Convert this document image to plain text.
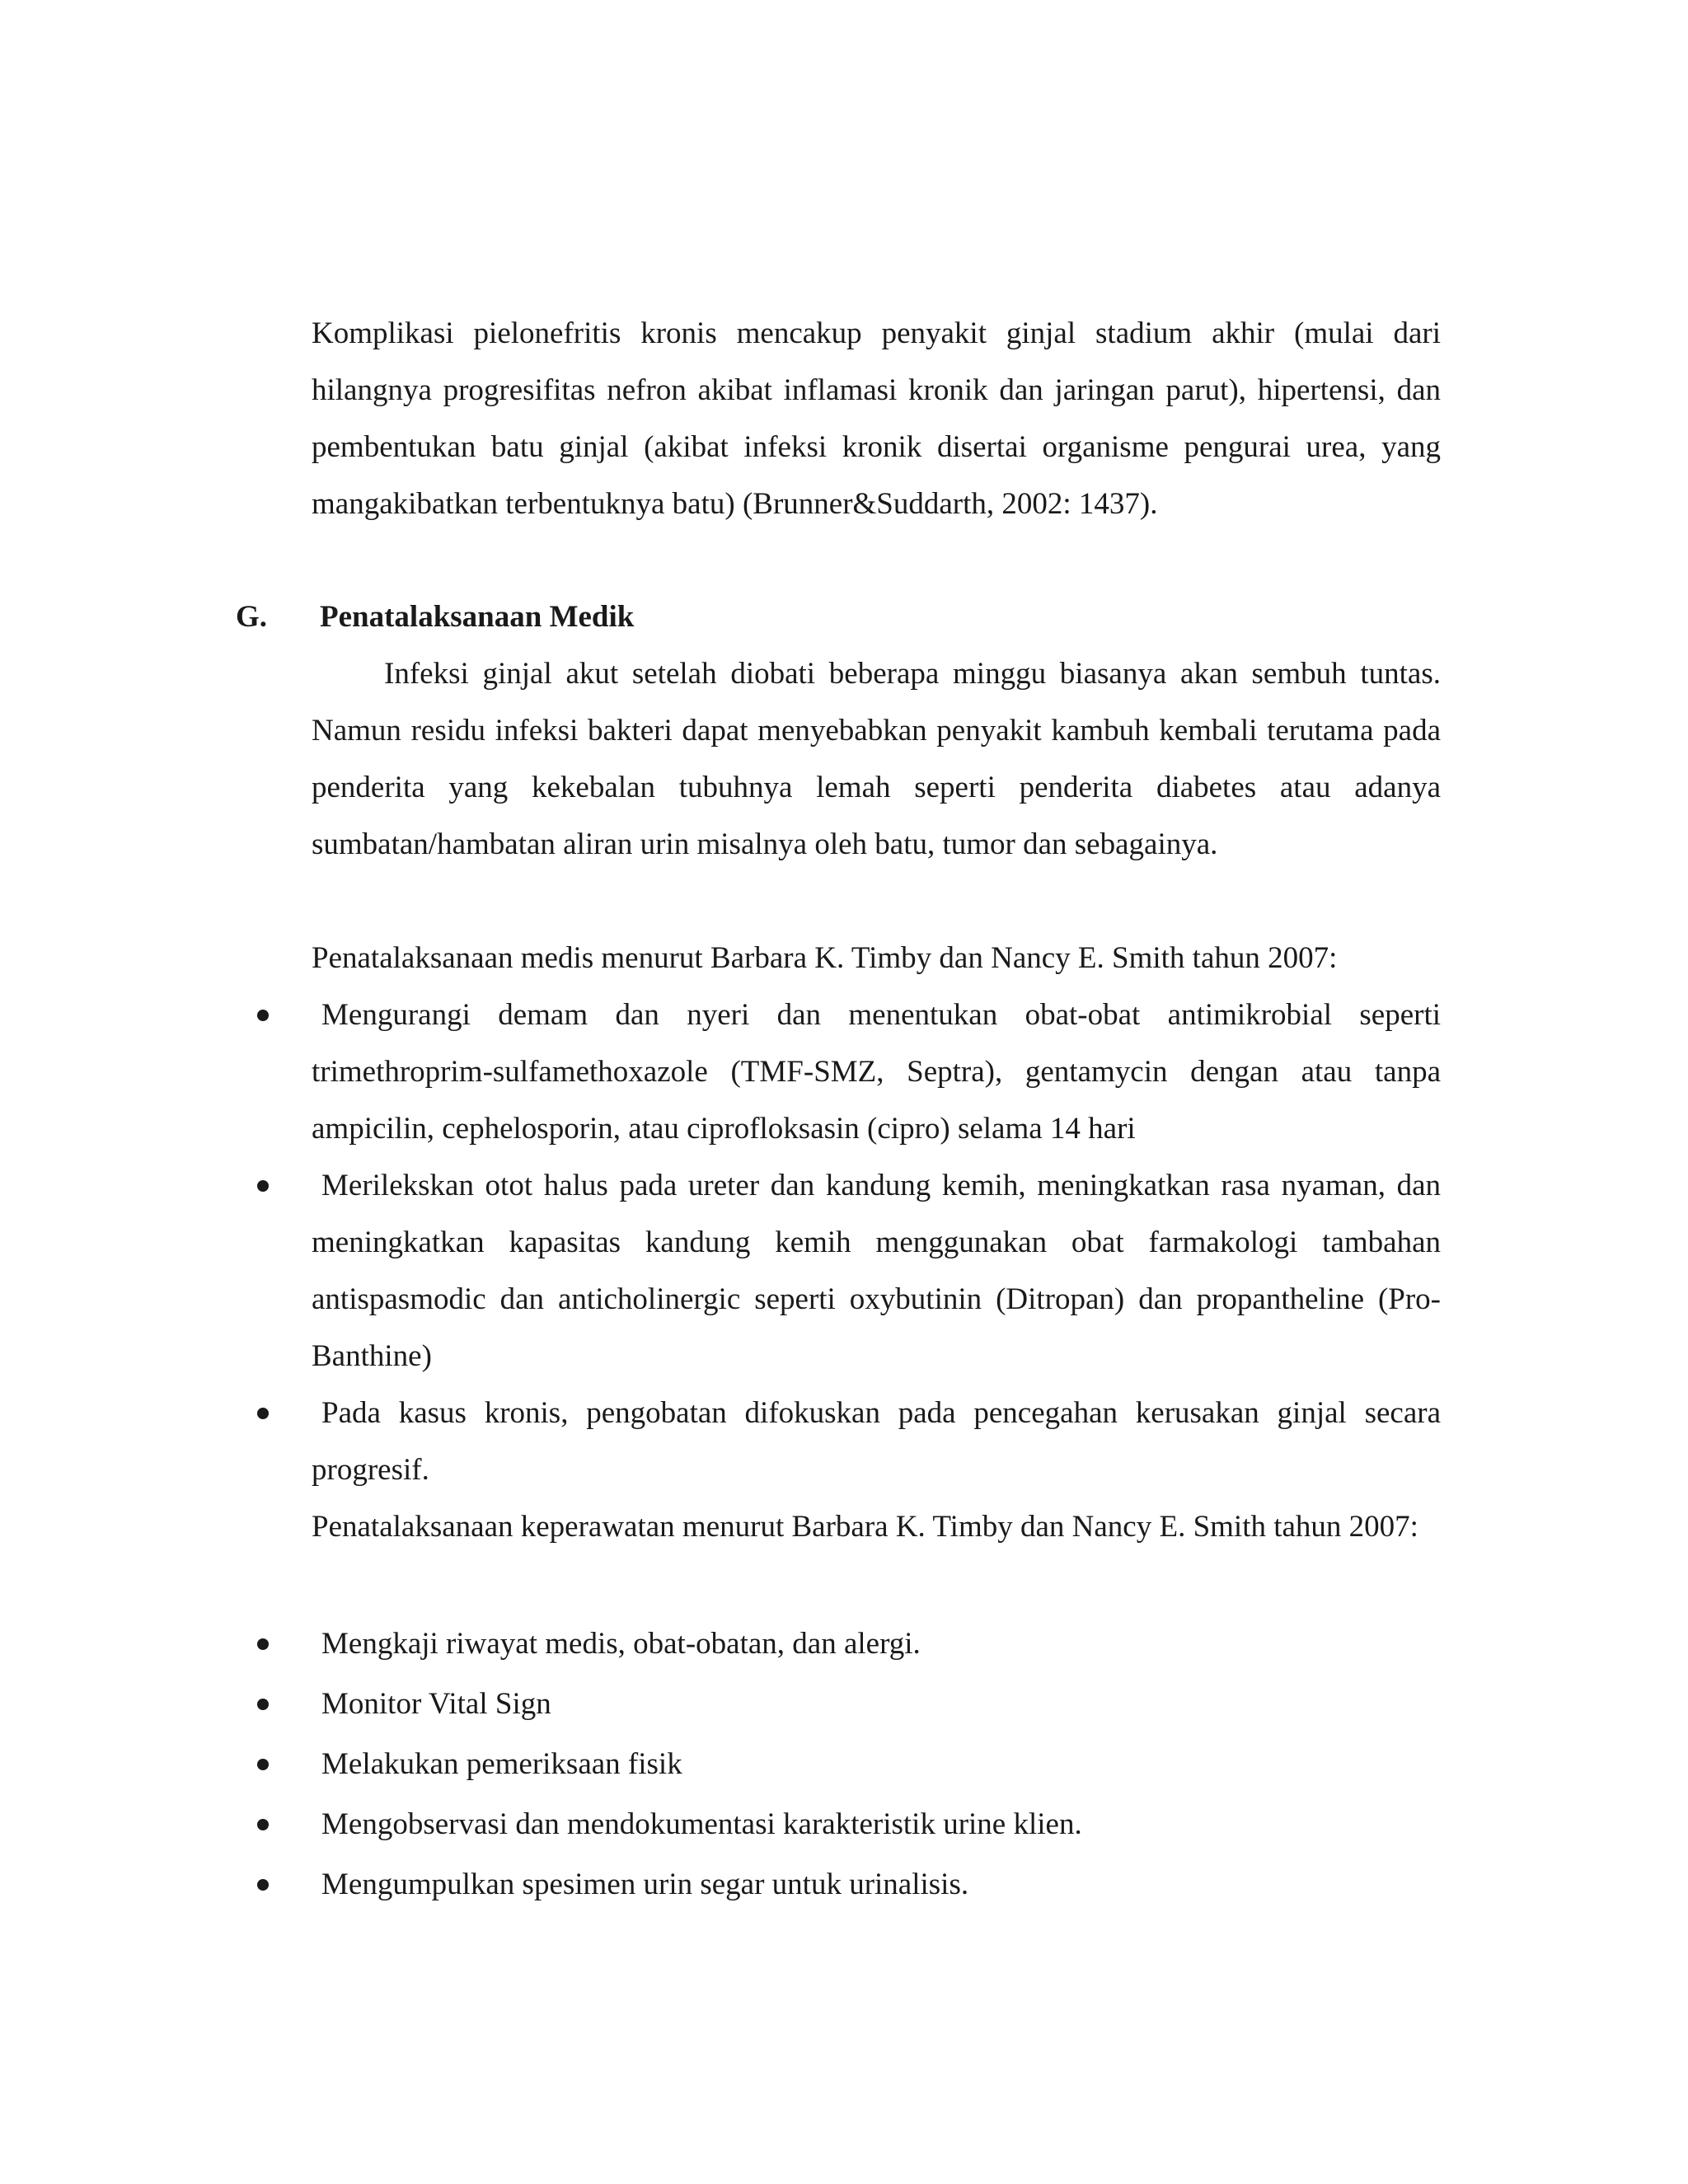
Komplikasi pielonefritis kronis mencakup penyakit ginjal stadium akhir (mulai dari hilangnya progresifitas nefron akibat inflamasi kronik dan jaringan parut), hipertensi, dan pembentukan batu ginjal (akibat infeksi kronik disertai organisme pengurai urea, yang mangakibatkan terbentuknya batu) (Brunner&Suddarth, 2002: 1437).

G. Penatalaksanaan Medik

Infeksi ginjal akut setelah diobati beberapa minggu biasanya akan sembuh tuntas. Namun residu infeksi bakteri dapat menyebabkan penyakit kambuh kembali terutama pada penderita yang kekebalan tubuhnya lemah seperti penderita diabetes atau adanya sumbatan/hambatan aliran urin misalnya oleh batu, tumor dan sebagainya.

Penatalaksanaan medis menurut Barbara K. Timby dan Nancy E. Smith tahun 2007:

Mengurangi demam dan nyeri dan menentukan obat-obat antimikrobial seperti trimethroprim-sulfamethoxazole (TMF-SMZ, Septra), gentamycin dengan atau tanpa ampicilin, cephelosporin, atau ciprofloksasin (cipro) selama 14 hari
Merilekskan otot halus pada ureter dan kandung kemih, meningkatkan rasa nyaman, dan meningkatkan kapasitas kandung kemih menggunakan obat farmakologi tambahan antispasmodic dan anticholinergic seperti oxybutinin (Ditropan) dan propantheline (Pro-Banthine)
Pada kasus kronis, pengobatan difokuskan pada pencegahan kerusakan ginjal secara progresif.

Penatalaksanaan keperawatan menurut Barbara K. Timby dan Nancy E. Smith tahun 2007:

Mengkaji riwayat medis, obat-obatan, dan alergi.
Monitor Vital Sign
Melakukan pemeriksaan fisik
Mengobservasi dan mendokumentasi karakteristik urine klien.
Mengumpulkan spesimen urin segar untuk urinalisis.
